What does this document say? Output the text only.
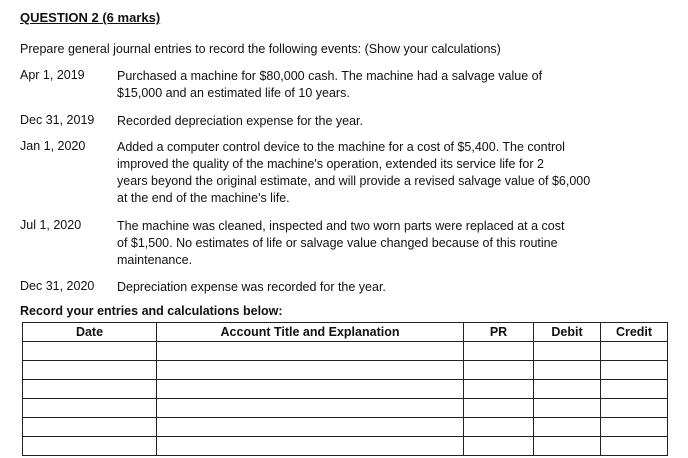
QUESTION 2 (6 marks)
Prepare general journal entries to record the following events: (Show your calculations)
Apr 1, 2019	Purchased a machine for $80,000 cash. The machine had a salvage value of
$15,000 and an estimated life of 10 years.
Dec 31, 2019	Recorded depreciation expense for the year.
Jan 1, 2020	Added a computer control device to the machine for a cost of $5,400. The control
improved the quality of the machine's operation, extended its service life for 2
years beyond the original estimate, and will provide a revised salvage value of $6,000
at the end of the machine's life.
Jul 1, 2020	The machine was cleaned, inspected and two worn parts were replaced at a cost
of $1,500. No estimates of life or salvage value changed because of this routine
maintenance.
Dec 31, 2020	Depreciation expense was recorded for the year.
Record your entries and calculations below:
Date	Account Title and Explanation	PR	Debit	Credit
